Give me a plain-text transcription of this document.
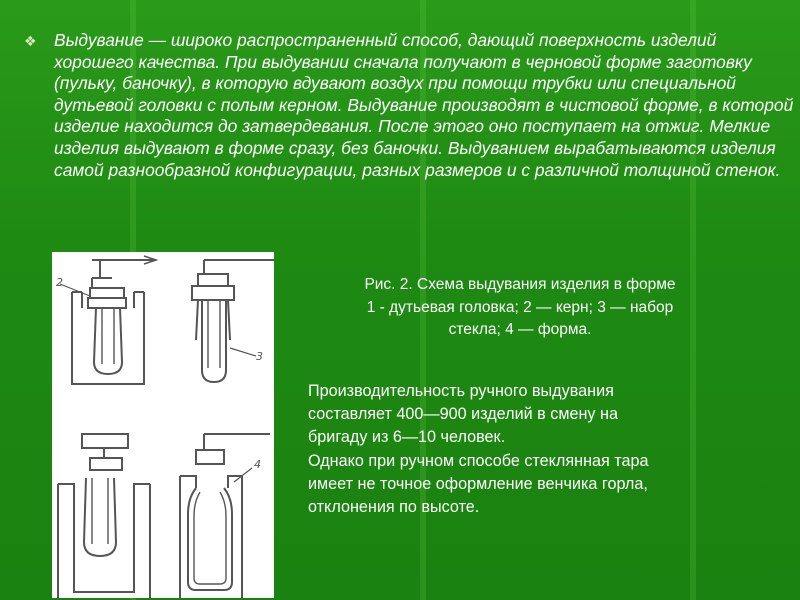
❖ Выдувание — широко распространенный способ, дающий поверхность изделий хорошего качества. При выдувании сначала получают в черновой форме заготовку (пульку, баночку), в которую вдувают воздух при помощи трубки или специальной дутьевой головки с полым керном. Выдувание производят в чистовой форме, в которой изделие находится до затвердевания. После этого оно поступает на отжиг. Мелкие изделия выдувают в форме сразу, без баночки. Выдуванием вырабатываются изделия самой разнообразной конфигурации, разных размеров и с различной толщиной стенок.

2
3
4
Рис. 2. Схема выдувания изделия в форме
1 - дутьевая головка; 2 — керн; 3 — набор
стекла; 4 — форма.
Производительность ручного выдувания
составляет 400—900 изделий в смену на
бригаду из 6—10 человек.
Однако при ручном способе стеклянная тара
имеет не точное оформление венчика горла,
отклонения по высоте.
